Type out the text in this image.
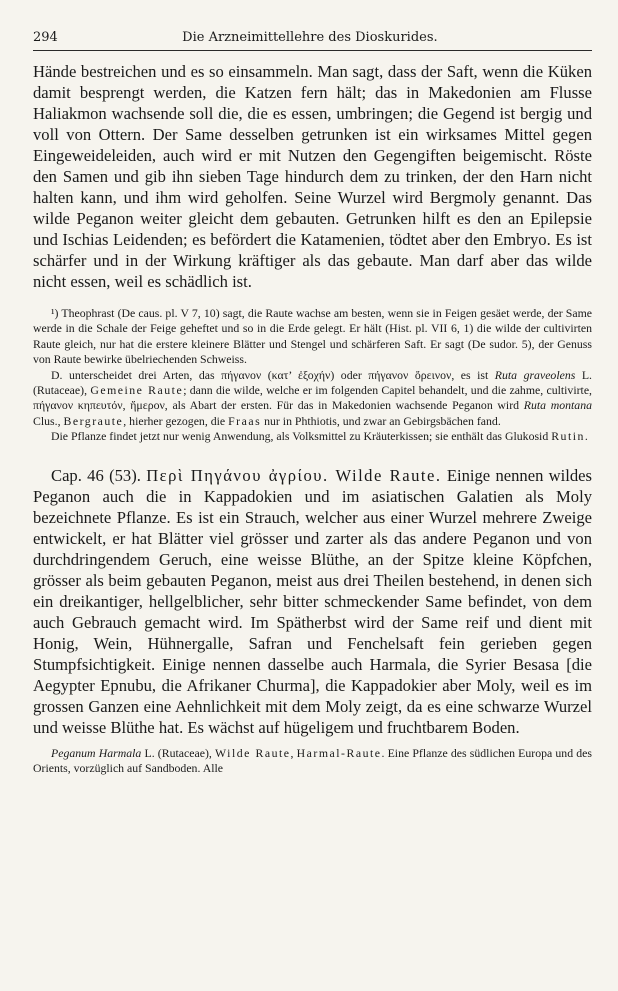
294	Die Arzneimittellehre des Dioskurides.

Hände bestreichen und es so einsammeln. Man sagt, dass der Saft, wenn die Küken damit besprengt werden, die Katzen fern hält; das in Makedonien am Flusse Haliakmon wachsende soll die, die es essen, umbringen; die Gegend ist bergig und voll von Ottern. Der Same desselben getrunken ist ein wirksames Mittel gegen Eingeweideleiden, auch wird er mit Nutzen den Gegengiften beigemischt. Röste den Samen und gib ihn sieben Tage hindurch dem zu trinken, der den Harn nicht halten kann, und ihm wird geholfen. Seine Wurzel wird Bergmoly genannt. Das wilde Peganon weiter gleicht dem gebauten. Getrunken hilft es den an Epilepsie und Ischias Leidenden; es befördert die Katamenien, tödtet aber den Embryo. Es ist schärfer und in der Wirkung kräftiger als das gebaute. Man darf aber das wilde nicht essen, weil es schädlich ist.

¹) Theophrast (De caus. pl. V 7, 10) sagt, die Raute wachse am besten, wenn sie in Feigen gesäet werde, der Same werde in die Schale der Feige geheftet und so in die Erde gelegt. Er hält (Hist. pl. VII 6, 1) die wilde der cultivirten Raute gleich, nur hat die erstere kleinere Blätter und Stengel und schärferen Saft. Er sagt (De sudor. 5), der Genuss von Raute bewirke übelriechenden Schweiss.

D. unterscheidet drei Arten, das πήγανον (κατ’ ἐξοχήν) oder πήγανον ὄρεινον, es ist Ruta graveolens L. (Rutaceae), Gemeine Raute; dann die wilde, welche er im folgenden Capitel behandelt, und die zahme, cultivirte, πήγανον κηπευτόν, ἥμερον, als Abart der ersten. Für das in Makedonien wachsende Peganon wird Ruta montana Clus., Bergraute, hierher gezogen, die Fraas nur in Phthiotis, und zwar an Gebirgsbächen fand.

Die Pflanze findet jetzt nur wenig Anwendung, als Volksmittel zu Kräuterkissen; sie enthält das Glukosid Rutin.

Cap. 46 (53). Περὶ Πηγάνου ἀγρίου. Wilde Raute. Einige nennen wildes Peganon auch die in Kappadokien und im asiatischen Galatien als Moly bezeichnete Pflanze. Es ist ein Strauch, welcher aus einer Wurzel mehrere Zweige entwickelt, er hat Blätter viel grösser und zarter als das andere Peganon und von durchdringendem Geruch, eine weisse Blüthe, an der Spitze kleine Köpfchen, grösser als beim gebauten Peganon, meist aus drei Theilen bestehend, in denen sich ein dreikantiger, hellgelblicher, sehr bitter schmeckender Same befindet, von dem auch Gebrauch gemacht wird. Im Spätherbst wird der Same reif und dient mit Honig, Wein, Hühnergalle, Safran und Fenchelsaft fein gerieben gegen Stumpfsichtigkeit. Einige nennen dasselbe auch Harmala, die Syrier Besasa [die Aegypter Epnubu, die Afrikaner Churma], die Kappadokier aber Moly, weil es im grossen Ganzen eine Aehnlichkeit mit dem Moly zeigt, da es eine schwarze Wurzel und weisse Blüthe hat. Es wächst auf hügeligem und fruchtbarem Boden.

Peganum Harmala L. (Rutaceae), Wilde Raute, Harmal-Raute. Eine Pflanze des südlichen Europa und des Orients, vorzüglich auf Sandboden. Alle
